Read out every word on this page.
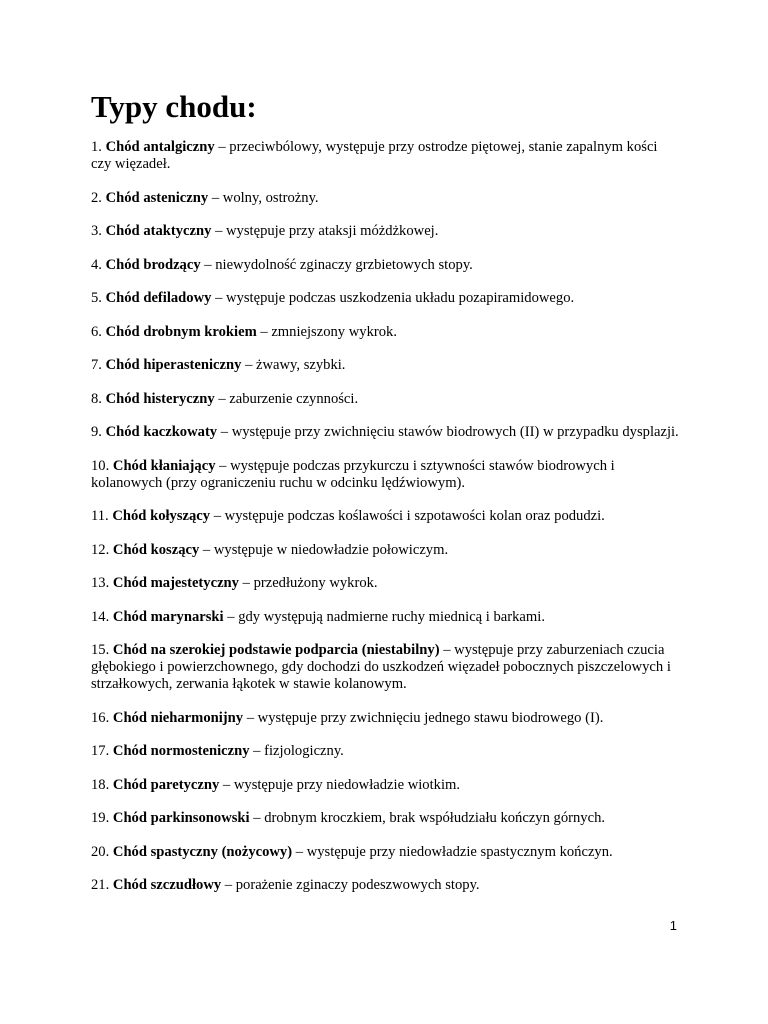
Typy chodu:

1. Chód antalgiczny – przeciwbólowy, występuje przy ostrodze piętowej, stanie zapalnym kości czy więzadeł.

2. Chód asteniczny – wolny, ostrożny.

3. Chód ataktyczny – występuje przy ataksji móżdżkowej.

4. Chód brodzący – niewydolność zginaczy grzbietowych stopy.

5. Chód defiladowy – występuje podczas uszkodzenia układu pozapiramidowego.

6. Chód drobnym krokiem – zmniejszony wykrok.

7. Chód hiperasteniczny – żwawy, szybki.

8. Chód histeryczny – zaburzenie czynności.

9. Chód kaczkowaty – występuje przy zwichnięciu stawów biodrowych (II) w przypadku dysplazji.

10. Chód kłaniający – występuje podczas przykurczu i sztywności stawów biodrowych i kolanowych (przy ograniczeniu ruchu w odcinku lędźwiowym).

11. Chód kołyszący – występuje podczas koślawości i szpotawości kolan oraz podudzi.

12. Chód koszący – występuje w niedowładzie połowiczym.

13. Chód majestetyczny – przedłużony wykrok.

14. Chód marynarski – gdy występują nadmierne ruchy miednicą i barkami.

15. Chód na szerokiej podstawie podparcia (niestabilny) – występuje przy zaburzeniach czucia głębokiego i powierzchownego, gdy dochodzi do uszkodzeń więzadeł pobocznych piszczelowych i strzałkowych, zerwania łąkotek w stawie kolanowym.

16. Chód nieharmonijny – występuje przy zwichnięciu jednego stawu biodrowego (I).

17. Chód normosteniczny – fizjologiczny.

18. Chód paretyczny – występuje przy niedowładzie wiotkim.

19. Chód parkinsonowski – drobnym kroczkiem, brak współudziału kończyn górnych.

20. Chód spastyczny (nożycowy) – występuje przy niedowładzie spastycznym kończyn.

21. Chód szczudłowy – porażenie zginaczy podeszwowych stopy.

1
